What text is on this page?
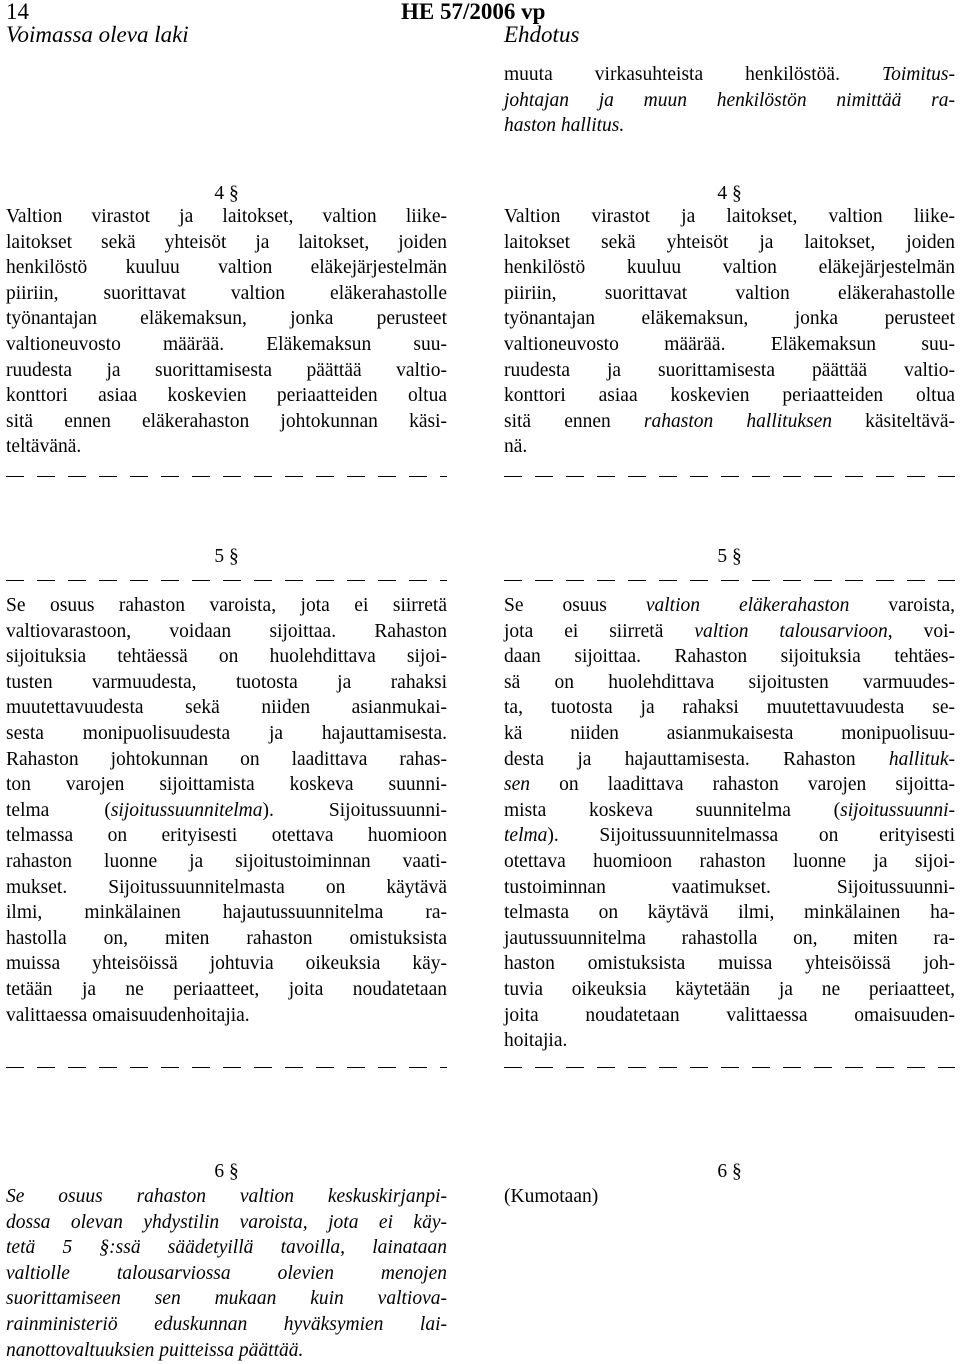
14	HE 57/2006 vp
Voimassa oleva laki	Ehdotus
muuta virkasuhteista henkilöstöä. Toimitus-
johtajan ja muun henkilöstön nimittää ra-
haston hallitus.
4 §	4 §
Valtion virastot ja laitokset, valtion liike-
laitokset sekä yhteisöt ja laitokset, joiden
henkilöstö kuuluu valtion eläkejärjestelmän
piiriin, suorittavat valtion eläkerahastolle
työnantajan eläkemaksun, jonka perusteet
valtioneuvosto määrää. Eläkemaksun suu-
ruudesta ja suorittamisesta päättää valtio-
konttori asiaa koskevien periaatteiden oltua
sitä ennen eläkerahaston johtokunnan käsi-
teltävänä.
Valtion virastot ja laitokset, valtion liike-
laitokset sekä yhteisöt ja laitokset, joiden
henkilöstö kuuluu valtion eläkejärjestelmän
piiriin, suorittavat valtion eläkerahastolle
työnantajan eläkemaksun, jonka perusteet
valtioneuvosto määrää. Eläkemaksun suu-
ruudesta ja suorittamisesta päättää valtio-
konttori asiaa koskevien periaatteiden oltua
sitä ennen rahaston hallituksen käsiteltävä-
nä.
5 §	5 §
Se osuus rahaston varoista, jota ei siirretä
valtiovarastoon, voidaan sijoittaa. Rahaston
sijoituksia tehtäessä on huolehdittava sijoi-
tusten varmuudesta, tuotosta ja rahaksi
muutettavuudesta sekä niiden asianmukai-
sesta monipuolisuudesta ja hajauttamisesta.
Rahaston johtokunnan on laadittava rahas-
ton varojen sijoittamista koskeva suunni-
telma (sijoitussuunnitelma). Sijoitussuunni-
telmassa on erityisesti otettava huomioon
rahaston luonne ja sijoitustoiminnan vaati-
mukset. Sijoitussuunnitelmasta on käytävä
ilmi, minkälainen hajautussuunnitelma ra-
hastolla on, miten rahaston omistuksista
muissa yhteisöissä johtuvia oikeuksia käy-
tetään ja ne periaatteet, joita noudatetaan
valittaessa omaisuudenhoitajia.
Se osuus valtion eläkerahaston varoista,
jota ei siirretä valtion talousarvioon, voi-
daan sijoittaa. Rahaston sijoituksia tehtäes-
sä on huolehdittava sijoitusten varmuudes-
ta, tuotosta ja rahaksi muutettavuudesta se-
kä niiden asianmukaisesta monipuolisuu-
desta ja hajauttamisesta. Rahaston hallituk-
sen on laadittava rahaston varojen sijoitta-
mista koskeva suunnitelma (sijoitussuunni-
telma). Sijoitussuunnitelmassa on erityisesti
otettava huomioon rahaston luonne ja sijoi-
tustoiminnan vaatimukset. Sijoitussuunni-
telmasta on käytävä ilmi, minkälainen ha-
jautussuunnitelma rahastolla on, miten ra-
haston omistuksista muissa yhteisöissä joh-
tuvia oikeuksia käytetään ja ne periaatteet,
joita noudatetaan valittaessa omaisuuden-
hoitajia.
6 §	6 §
Se osuus rahaston valtion keskuskirjanpi-
dossa olevan yhdystilin varoista, jota ei käy-
tetä 5 §:ssä säädetyillä tavoilla, lainataan
valtiolle talousarviossa olevien menojen
suorittamiseen sen mukaan kuin valtiova-
rainministeriö eduskunnan hyväksymien lai-
nanottovaltuuksien puitteissa päättää.
(Kumotaan)
